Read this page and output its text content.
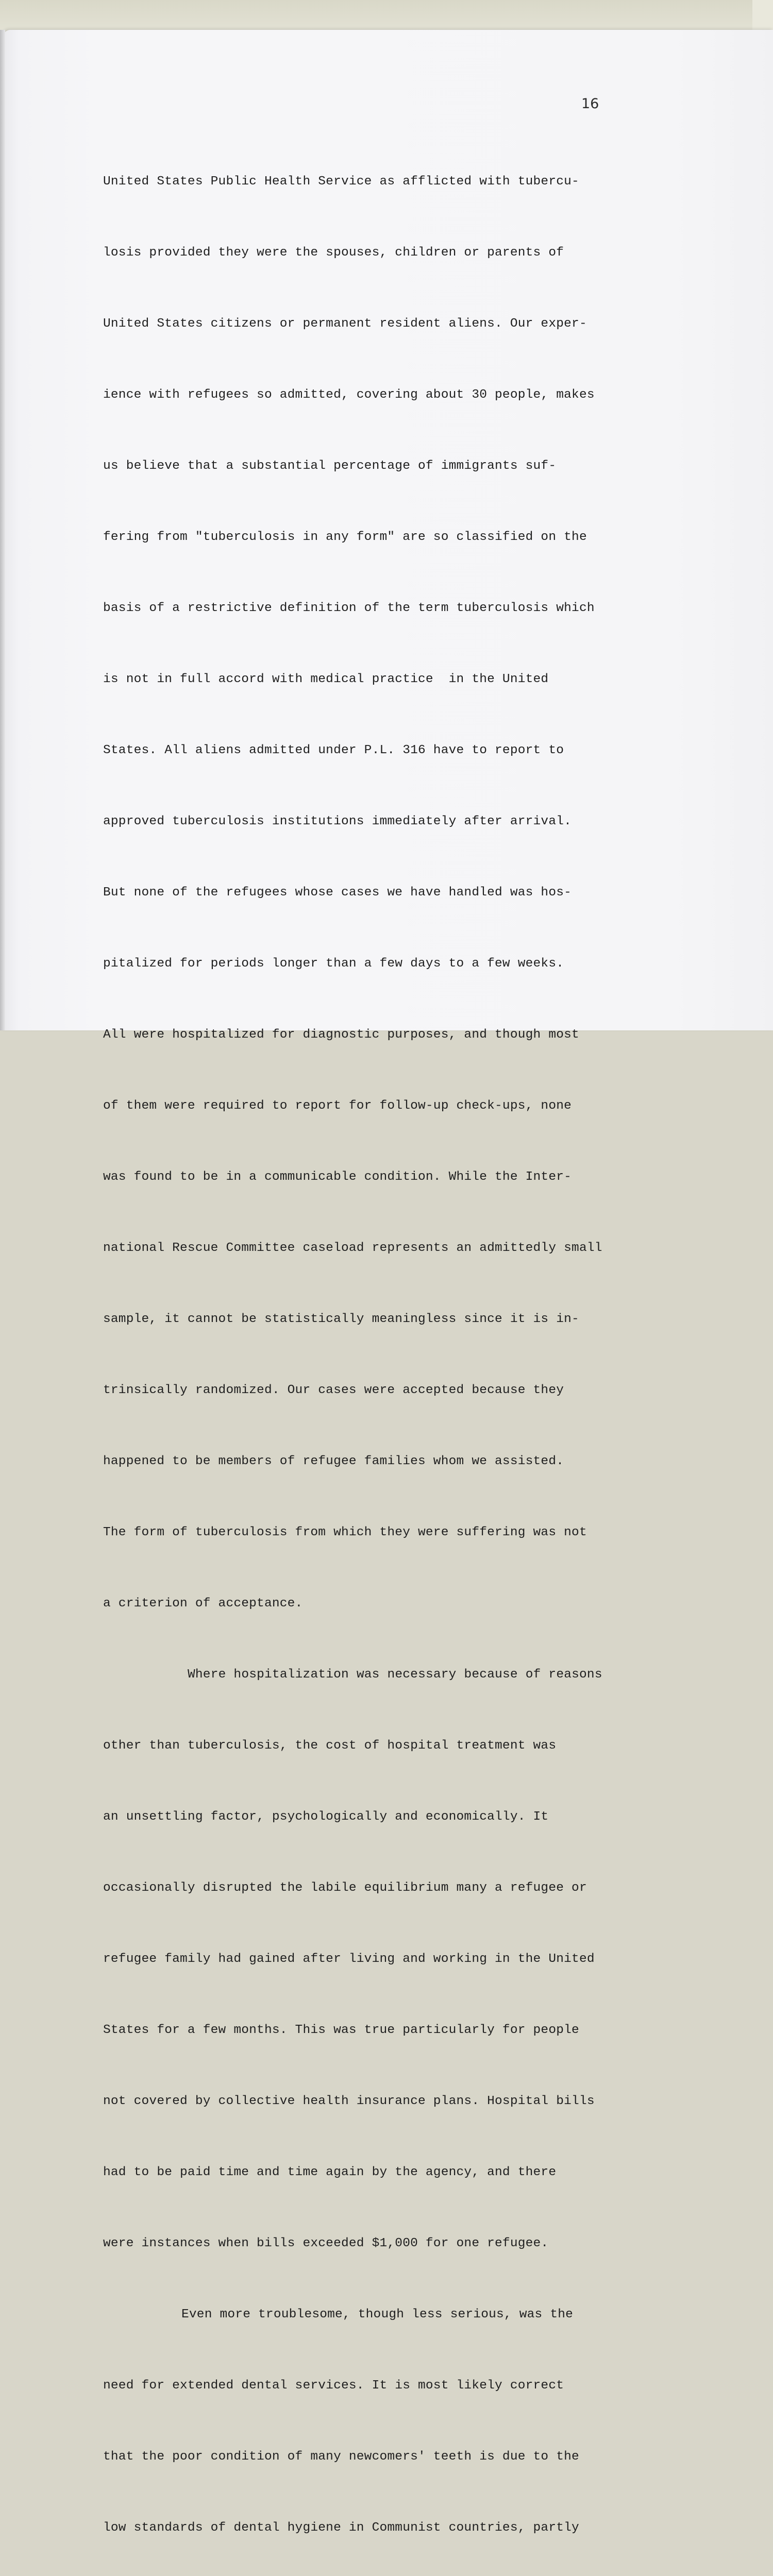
16

United States Public Health Service as afflicted with tubercu-

losis provided they were the spouses, children or parents of

United States citizens or permanent resident aliens. Our exper-

ience with refugees so admitted, covering about 30 people, makes

us believe that a substantial percentage of immigrants suf-

fering from "tuberculosis in any form" are so classified on the

basis of a restrictive definition of the term tuberculosis which

is not in full accord with medical practice  in the United

States. All aliens admitted under P.L. 316 have to report to

approved tuberculosis institutions immediately after arrival.

But none of the refugees whose cases we have handled was hos-

pitalized for periods longer than a few days to a few weeks.

All were hospitalized for diagnostic purposes, and though most

of them were required to report for follow-up check-ups, none

was found to be in a communicable condition. While the Inter-

national Rescue Committee caseload represents an admittedly small

sample, it cannot be statistically meaningless since it is in-

trinsically randomized. Our cases were accepted because they

happened to be members of refugee families whom we assisted.

The form of tuberculosis from which they were suffering was not

a criterion of acceptance.

Where hospitalization was necessary because of reasons

other than tuberculosis, the cost of hospital treatment was

an unsettling factor, psychologically and economically. It

occasionally disrupted the labile equilibrium many a refugee or

refugee family had gained after living and working in the United

States for a few months. This was true particularly for people

not covered by collective health insurance plans. Hospital bills

had to be paid time and time again by the agency, and there

were instances when bills exceeded $1,000 for one refugee.

Even more troublesome, though less serious, was the

need for extended dental services. It is most likely correct

that the poor condition of many newcomers' teeth is due to the

low standards of dental hygiene in Communist countries, partly
